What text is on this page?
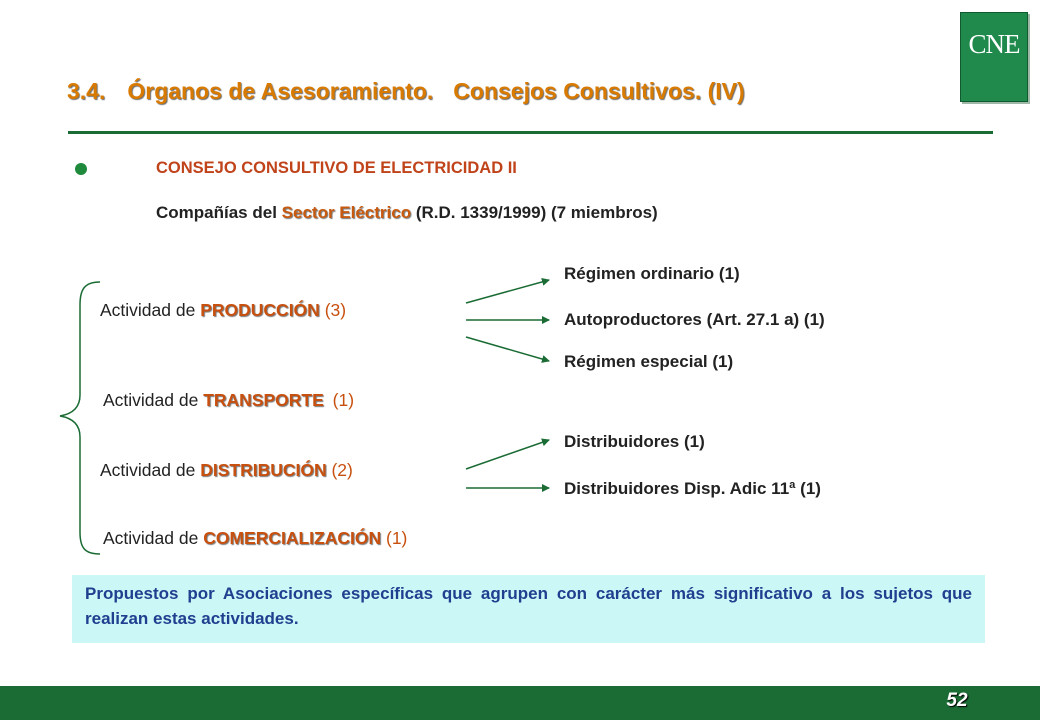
CNE
3.4. Órganos de Asesoramiento. Consejos Consultivos. (IV)
CONSEJO CONSULTIVO DE ELECTRICIDAD II
Compañías del Sector Eléctrico (R.D. 1339/1999) (7 miembros)
Actividad de PRODUCCIÓN (3)
Actividad de TRANSPORTE (1)
Actividad de DISTRIBUCIÓN (2)
Actividad de COMERCIALIZACIÓN (1)
Régimen ordinario (1)
Autoproductores (Art. 27.1 a) (1)
Régimen especial (1)
Distribuidores (1)
Distribuidores Disp. Adic 11ª (1)
Propuestos por Asociaciones específicas que agrupen con carácter más significativo a los sujetos que realizan estas actividades.
52
